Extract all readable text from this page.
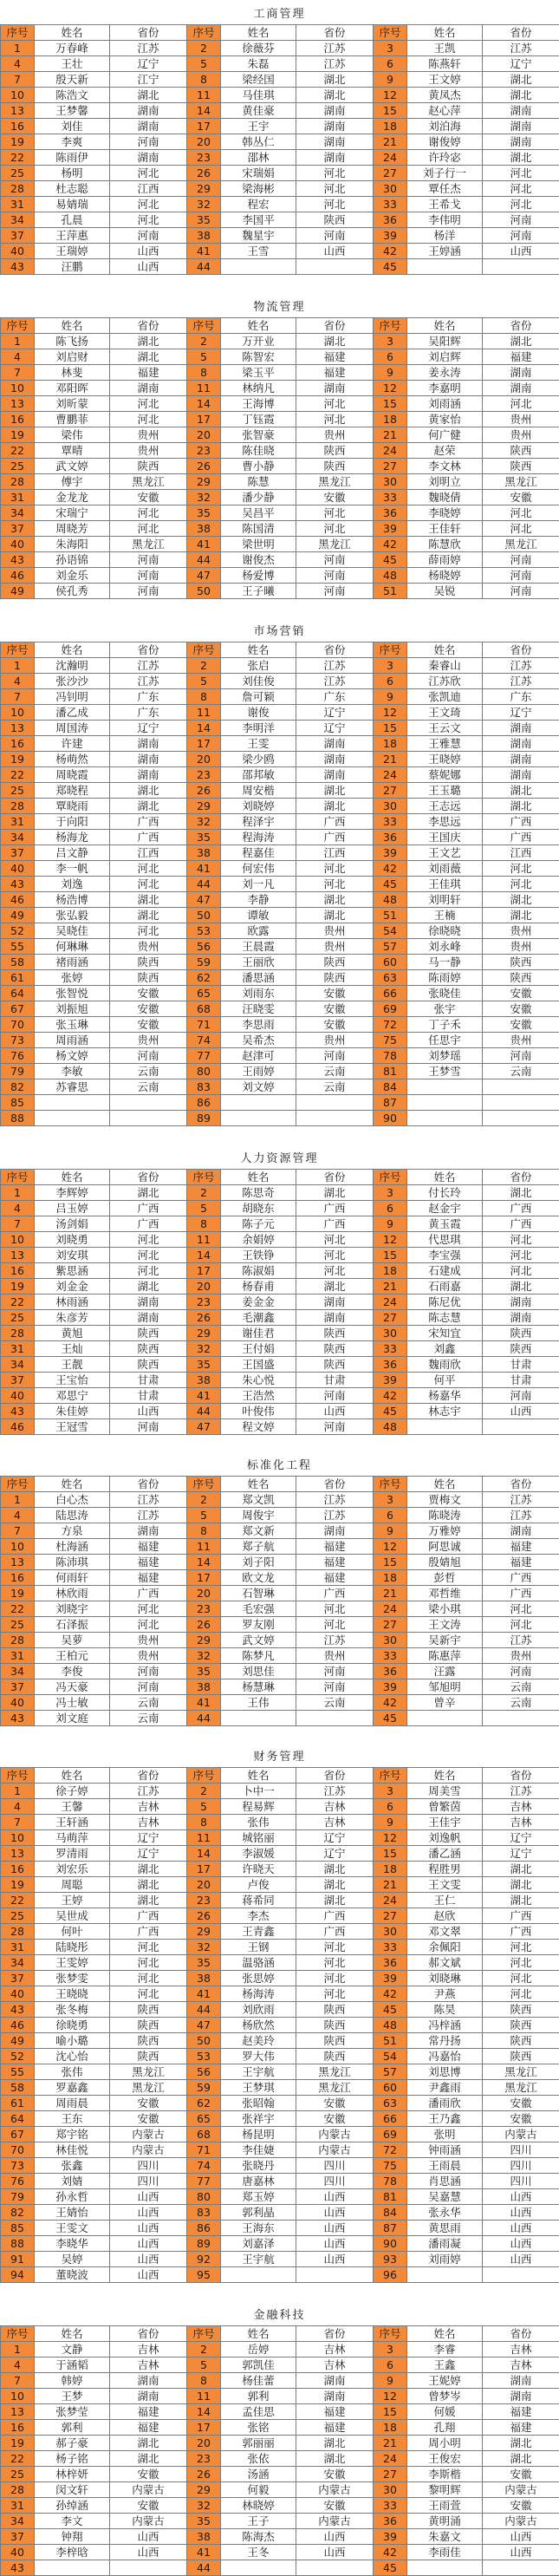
工商管理
序号	姓名	省份	序号	姓名	省份	序号	姓名	省份
1	万春峰	江苏	2	徐薇芬	江苏	3	王凯	江苏
4	王壮	辽宁	5	朱磊	江苏	6	陈燕轩	辽宁
7	殷天新	江宁	8	梁经国	湖北	9	王文婷	湖北
10	陈浩文	湖北	11	马佳琪	湖北	12	黄凤杰	湖北
13	王梦馨	湖南	14	黄佳豪	湖南	15	赵心萍	湖南
16	刘佳	湖南	17	王宇	湖南	18	刘泊海	湖南
19	李爽	河南	20	韩丛仁	湖南	21	谢俊婷	湖南
22	陈雨伊	湖南	23	邵林	湖南	24	许玲宓	湖北
25	杨明	河北	26	宋瑞娟	河北	27	刘子行一	河北
28	杜志聪	江西	29	梁海彬	河北	30	覃任杰	河北
31	易婧瑞	河北	32	程宏	河北	33	王希戈	河北
34	孔晨	河北	35	李国平	陕西	36	李伟明	河南
37	王萍惠	河南	38	魏星宇	河南	39	杨洋	河南
40	王瑞婷	山西	41	王雪	山西	42	王婷涵	山西
43	汪鹏	山西	44			45		
物流管理
序号	姓名	省份	序号	姓名	省份	序号	姓名	省份
1	陈飞扬	湖北	2	万开业	湖北	3	吴阳辉	湖北
4	刘启财	湖北	5	陈智宏	福建	6	刘启辉	福建
7	林斐	福建	8	梁玉平	福建	9	姜永涛	湖南
10	邓阳晖	湖南	11	林纳凡	湖南	12	李嘉明	湖南
13	刘昕蒙	河北	14	王海博	河北	15	刘雨涵	河北
16	曹鹏菲	河北	17	丁钰霞	河北	18	黄家怡	贵州
19	梁伟	贵州	20	张智豪	贵州	21	何广健	贵州
22	覃晴	贵州	23	陈佳晓	陕西	24	赵荣	陕西
25	武文婷	陕西	26	曹小静	陕西	27	李文林	陕西
28	傅宇	黑龙江	29	陈慧	黑龙江	30	刘明立	黑龙江
31	金龙龙	安徽	32	潘少静	安徽	33	魏晓倩	安徽
34	宋瑞宁	河北	35	吴昌平	河北	36	李晓婷	河北
37	周晓芳	河北	38	陈国清	河北	39	王佳轩	河北
40	朱海阳	黑龙江	41	梁世明	黑龙江	42	陈慧欣	黑龙江
43	孙语锦	河南	44	谢俊杰	河南	45	薛雨婷	河南
46	刘金乐	河南	47	杨爱博	河南	48	杨晓婷	河南
49	侯孔秀	河南	50	王子曦	河南	51	吴锐	河南
市场营销
序号	姓名	省份	序号	姓名	省份	序号	姓名	省份
1	沈瀚明	江苏	2	张启	江苏	3	秦睿山	江苏
4	张沙沙	江苏	5	刘佳俊	江苏	6	江苏欣	江苏
7	冯钊明	广东	8	詹可颖	广东	9	张凯迪	广东
10	潘乙成	广东	11	谢俊	辽宁	12	王文琦	辽宁
13	周国涛	辽宁	14	李明洋	辽宁	15	王云文	湖南
16	许建	湖南	17	王雯	湖南	18	王雅慧	湖南
19	杨萌然	湖南	20	梁少鸥	湖南	21	王晓婷	湖南
22	周晓霞	湖南	23	邵邦敏	湖南	24	蔡妮娜	湖南
25	郑晓程	湖北	26	周安楷	湖北	27	王玉璐	湖北
28	覃晓雨	湖北	29	刘晓婷	湖北	30	王志远	湖北
31	于向阳	广西	32	程泽宇	广西	33	李思远	广西
34	杨海龙	广西	35	程海涛	广西	36	王国庆	广西
37	吕文静	江西	38	程嘉佳	江西	39	王文艺	江西
40	李一帆	河北	41	何宏伟	河北	42	刘雨薇	河北
43	刘逸	河北	44	刘一凡	河北	45	王佳琪	河北
46	杨浩博	湖北	47	李静	湖北	48	刘明轩	湖北
49	张弘毅	湖北	50	谭敏	湖北	51	王楠	湖北
52	吴晓佳	河北	53	欧露	贵州	54	徐晓晓	贵州
55	何琳琳	贵州	56	王晨霞	贵州	57	刘永峰	贵州
58	褚雨涵	陕西	59	王丽欣	陕西	60	马一静	陕西
61	张婷	陕西	62	潘思涵	陕西	63	陈雨婷	陕西
64	张智悦	安徽	65	刘雨东	安徽	66	张晓佳	安徽
67	刘振旭	安徽	68	汪晓雯	安徽	69	张宇	安徽
70	张玉琳	安徽	71	李思雨	安徽	72	丁子禾	安徽
73	周雨涵	贵州	74	吴希杰	贵州	75	任思宇	贵州
76	杨文婷	河南	77	赵津可	河南	78	刘梦瑶	河南
79	李敏	云南	80	王雨婷	云南	81	王梦雪	云南
82	苏睿思	云南	83	刘文婷	云南	84		
85			86			87		
88			89			90		
人力资源管理
序号	姓名	省份	序号	姓名	省份	序号	姓名	省份
1	李辉婷	湖北	2	陈思奇	湖北	3	付长玲	湖北
4	吕玉婷	广西	5	胡晓东	广西	6	赵金宇	广西
7	汤剑娟	广西	8	陈子元	广西	9	黄玉霞	广西
10	刘晓勇	河北	11	余娟婷	河北	12	代思琪	河北
13	刘安琪	河北	14	王铁铮	河北	15	李宝强	河北
16	紫思涵	河北	17	陈淑娟	河北	18	石建成	河北
19	刘金金	湖北	20	杨春甫	湖北	21	石雨嘉	湖北
22	林雨涵	湖南	23	姜金金	湖南	24	陈尼优	湖南
25	朱彦芳	湖南	26	毛潮鑫	湖南	27	陈志慧	湖南
28	黄旭	陕西	29	谢佳君	陕西	30	宋知宜	陕西
31	王灿	陕西	32	王付娟	陕西	33	刘鑫	陕西
34	王靓	陕西	35	王国盛	陕西	36	魏雨欣	甘肃
37	王宝怡	甘肃	38	朱心悦	甘肃	39	何平	甘肃
40	邓思宁	甘肃	41	王浩然	河南	42	杨嘉华	河南
43	朱佳婷	山西	44	叶俊伟	山西	45	林志宇	山西
46	王冠雪	河南	47	程文婷	河南	48		
标准化工程
序号	姓名	省份	序号	姓名	省份	序号	姓名	省份
1	白心杰	江苏	2	郑文凯	江苏	3	贾梅文	江苏
4	陆思涛	江苏	5	周俊宇	江苏	6	陈晓涛	江苏
7	方泉	湖南	8	郑文新	湖南	9	万雅婷	湖南
10	杜海涵	福建	11	郑子航	福建	12	阿思诚	福建
13	陈沛琪	福建	14	刘子阳	福建	15	殷婧旭	福建
16	何雨轩	福建	17	欧文龙	福建	18	彭哲	广西
19	林欣雨	广西	20	石智琳	广西	21	邓哲维	广西
22	刘晓宇	河北	23	毛宏强	河北	24	梁小琪	河北
25	石泽振	河北	26	罗友刚	河北	27	王文涛	河北
28	吴萝	贵州	29	武文婷	江苏	30	吴新宇	江苏
31	王柏元	贵州	32	陈梦凡	贵州	33	陈惠萍	贵州
34	李俊	河南	35	刘思佳	河南	36	汪露	河南
37	冯天豪	河南	38	杨慧琳	河南	39	邹旭明	云南
40	冯士敏	云南	41	王伟	云南	42	曾辛	云南
43	刘文庭	云南	44			45		
财务管理
序号	姓名	省份	序号	姓名	省份	序号	姓名	省份
1	徐子婷	江苏	2	卜中一	江苏	3	周美雪	江苏
4	王馨	吉林	5	程易辉	吉林	6	曾繁茵	吉林
7	王轩涵	吉林	8	张伟	吉林	9	王佳宇	吉林
10	马萌萍	辽宁	11	城铭丽	辽宁	12	刘逸帆	辽宁
13	罗清雨	辽宁	14	李淑媛	辽宁	15	潘乙涵	辽宁
16	刘宏乐	湖北	17	许晓天	湖北	18	程胜男	湖北
19	周聪	湖北	20	卢俊	湖北	21	王文雯	湖北
22	王婷	湖北	23	蒋希同	湖北	24	王仁	湖北
25	吴世成	广西	26	李杰	广西	27	赵欣	广西
28	何叶	广西	29	王青鑫	广西	30	邓文翠	广西
31	陆晓彤	河北	32	王钢	河北	33	余佩阳	河北
34	王雯婷	河北	35	温骆涵	河北	36	郝文斌	河北
37	张梦雯	河北	38	张思婷	河北	39	刘晓琳	河北
40	王晓晓	河北	41	杨海涛	河北	42	尹燕	河北
43	张冬梅	陕西	44	刘欣雨	陕西	45	陈昊	陕西
46	徐晓勇	陕西	47	杨欣然	陕西	48	冯梓涵	陕西
49	喻小璐	陕西	50	赵美玲	陕西	51	常丹扬	陕西
52	沈心怡	陕西	53	罗大伟	陕西	54	冯嘉怡	陕西
55	张伟	黑龙江	56	王宇航	黑龙江	57	刘思博	黑龙江
58	罗嘉鑫	黑龙江	59	王梦琪	黑龙江	60	尹鑫雨	黑龙江
61	周雨晨	安徽	62	张昭翰	安徽	63	潘雨欣	安徽
64	王东	安徽	65	张祥宇	安徽	66	王乃鑫	安徽
67	郑宇铭	内蒙古	68	杨昆明	内蒙古	69	张明	内蒙古
70	林佳悦	内蒙古	71	李佳婕	内蒙古	72	钟雨涵	四川
73	张鑫	四川	74	张晓丹	四川	75	王雨晨	四川
76	刘婧	四川	77	唐嘉林	四川	78	肖思涵	四川
79	孙永哲	山西	80	郑玉婷	山西	81	吴嘉慧	山西
82	王婧怡	山西	83	郭利晶	山西	84	张永华	山西
85	王雯文	山西	86	王海东	山西	87	黄思雨	山西
88	李晓华	山西	89	刘嘉泽	山西	90	潘雨凝	山西
91	吴婷	山西	92	王宇航	山西	93	刘雨婷	山西
94	董晓波	山西	95			96		
金融科技
序号	姓名	省份	序号	姓名	省份	序号	姓名	省份
1	文静	吉林	2	岳婷	吉林	3	李睿	吉林
4	于涵韬	吉林	5	郭凯佳	吉林	6	王鑫	吉林
7	韩婷	湖南	8	杨佳蕾	湖南	9	王妮婷	湖南
10	王梦	湖南	11	郭利	湖南	12	曾梦岑	湖南
13	张梦莹	福建	14	孟佳思	福建	15	何媛	福建
16	郭利	福建	17	张铭	福建	18	孔翔	福建
19	郝子豪	湖北	20	郭丽丽	湖北	21	周小明	湖北
22	杨子铭	湖北	23	张依	湖北	24	王俊宏	湖北
25	林梓妍	安徽	26	汤涵	安徽	27	李斯楷	安徽
28	闵文轩	内蒙古	29	何毅	内蒙古	30	黎明辉	内蒙古
31	孙绰涵	安徽	32	林晓婷	安徽	33	王雨萱	安徽
34	李文	内蒙古	35	王子	内蒙古	36	黄明涌	内蒙古
37	钟翔	山西	38	陈海杰	山西	39	朱嘉文	山西
40	李梓晗	山西	41	王冬	山西	42	李雨佳	山西
43			44			45		
